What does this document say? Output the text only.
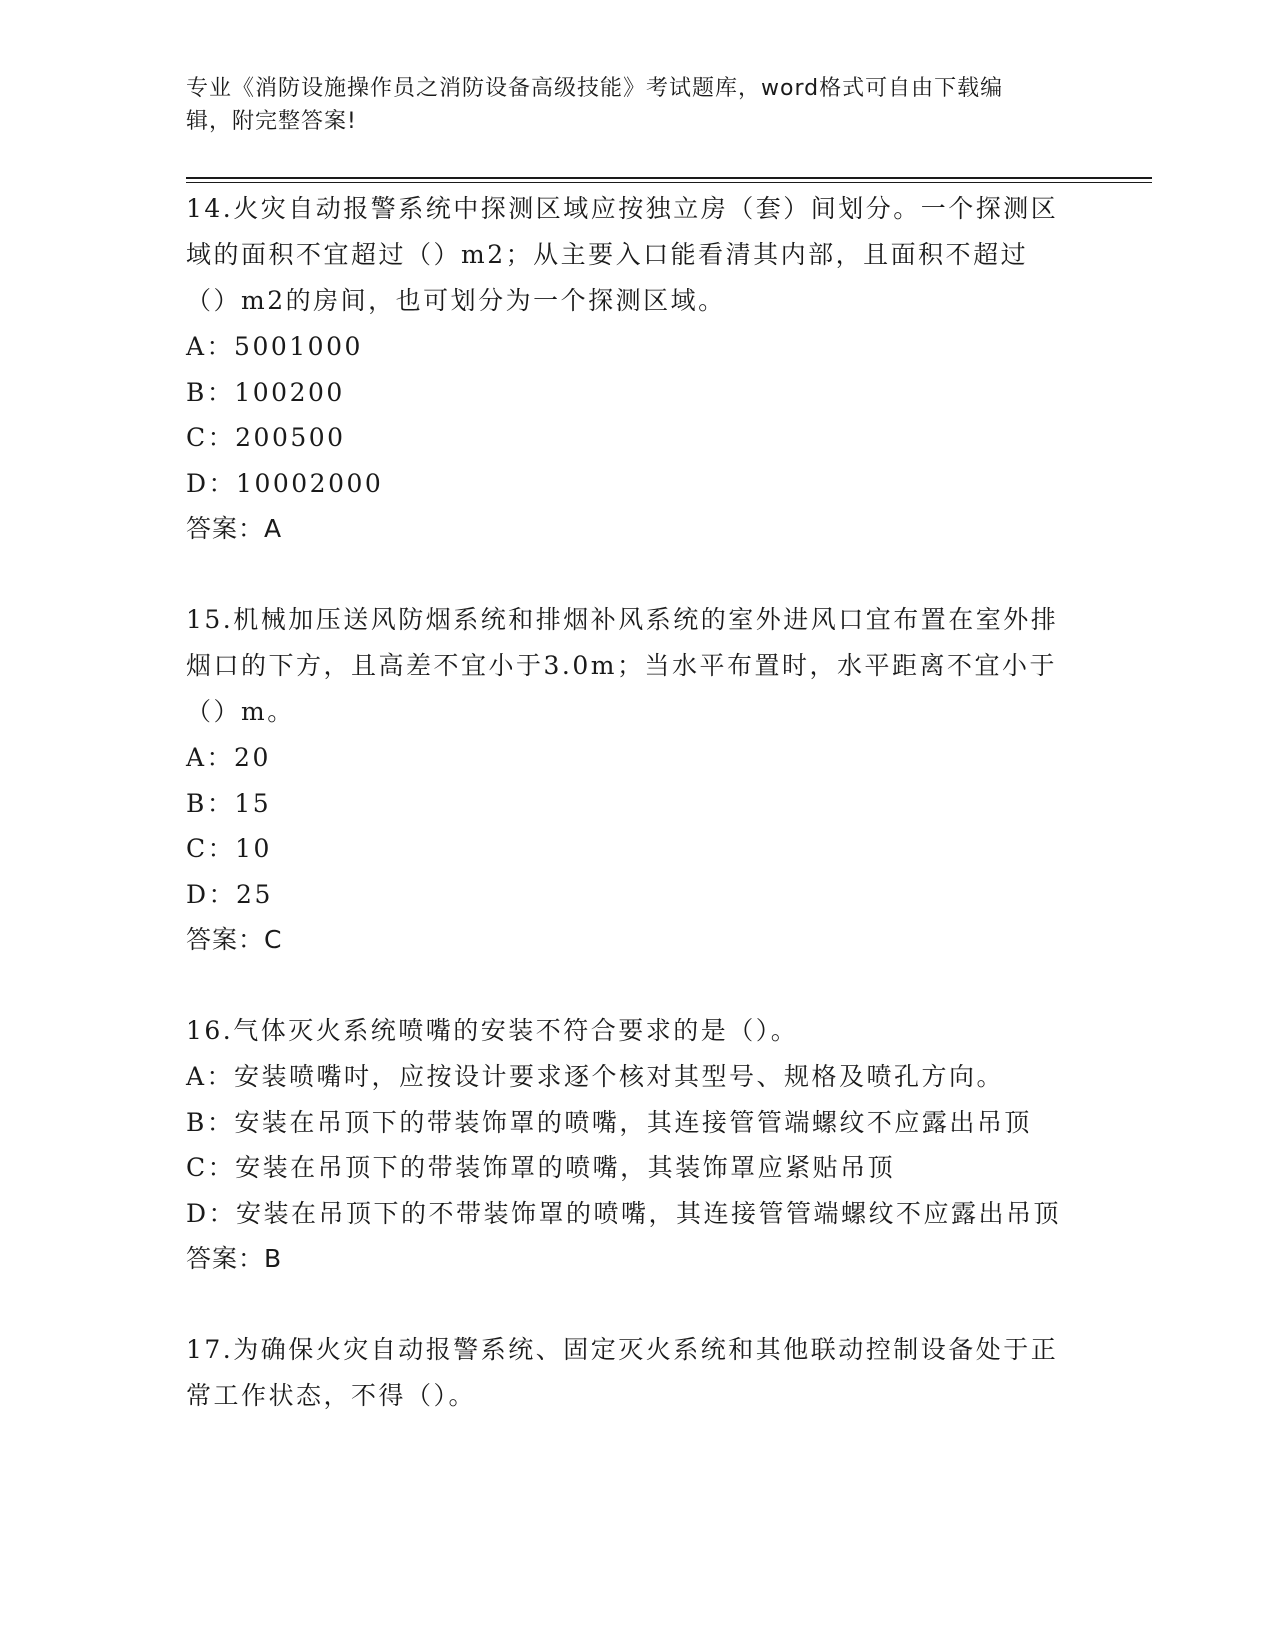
专业《消防设施操作员之消防设备高级技能》考试题库，word格式可自由下载编
辑，附完整答案!
14.火灾自动报警系统中探测区域应按独立房（套）间划分。一个探测区域的面积不宜超过（）m2；从主要入口能看清其内部，且面积不超过（）m2的房间，也可划分为一个探测区域。
A：5001000
B：100200
C：200500
D：10002000
答案：A
15.机械加压送风防烟系统和排烟补风系统的室外进风口宜布置在室外排烟口的下方，且高差不宜小于3.0m；当水平布置时，水平距离不宜小于（）m。
A：20
B：15
C：10
D：25
答案：C
16.气体灭火系统喷嘴的安装不符合要求的是（）。
A：安装喷嘴吋，应按设计要求逐个核对其型号、规格及喷孔方向。
B：安装在吊顶下的带装饰罩的喷嘴，其连接管管端螺纹不应露出吊顶
C：安装在吊顶下的带装饰罩的喷嘴，其装饰罩应紧贴吊顶
D：安装在吊顶下的不带装饰罩的喷嘴，其连接管管端螺纹不应露出吊顶
答案：B
17.为确保火灾自动报警系统、固定灭火系统和其他联动控制设备处于正常工作状态，不得（）。
